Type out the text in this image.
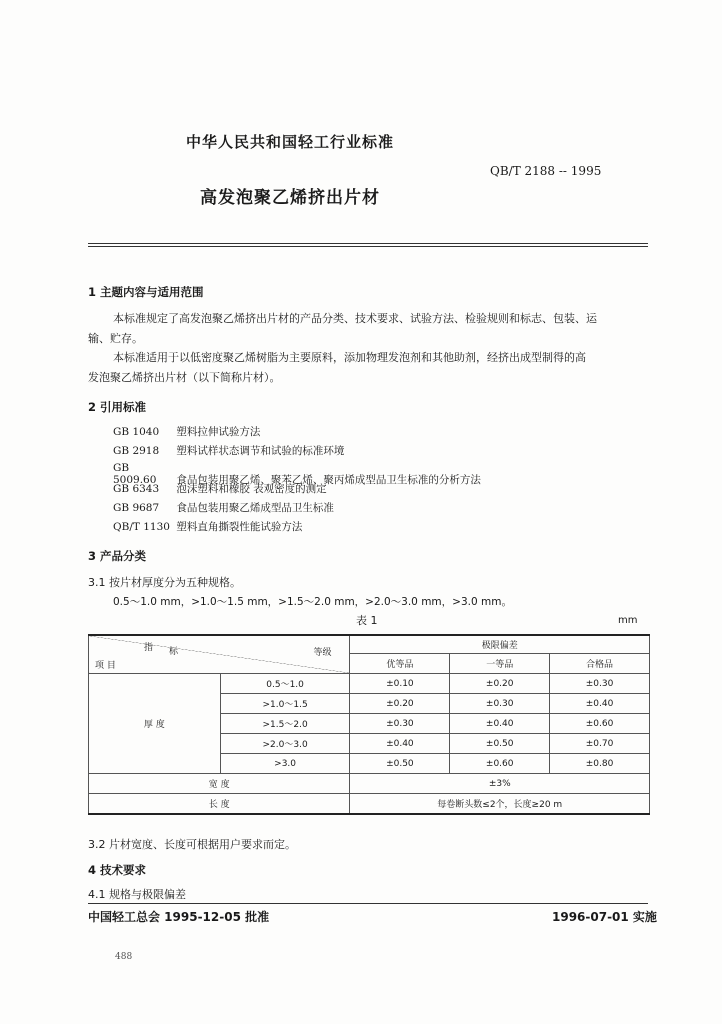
中华人民共和国轻工行业标准
QB/T 2188 -- 1995
高发泡聚乙烯挤出片材
1 主题内容与适用范围
本标准规定了高发泡聚乙烯挤出片材的产品分类、技术要求、试验方法、检验规则和标志、包装、运
输、贮存。
本标准适用于以低密度聚乙烯树脂为主要原料，添加物理发泡剂和其他助剂，经挤出成型制得的高
发泡聚乙烯挤出片材（以下简称片材）。
2 引用标准
GB 1040 塑料拉伸试验方法
GB 2918 塑料试样状态调节和试验的标准环境
GB 5009.60 食品包装用聚乙烯、聚苯乙烯、聚丙烯成型品卫生标准的分析方法
GB 6343 泡沫塑料和橡胶 表观密度的测定
GB 9687 食品包装用聚乙烯成型品卫生标准
QB/T 1130 塑料直角撕裂性能试验方法
3 产品分类
3.1 按片材厚度分为五种规格。
0.5～1.0 mm，>1.0～1.5 mm，>1.5～2.0 mm，>2.0～3.0 mm，>3.0 mm。
表 1	mm
指 标 等级
项 目		极限偏差		
		优等品	一等品	合格品
厚 度	0.5～1.0	±0.10	±0.20	±0.30
	>1.0～1.5	±0.20	±0.30	±0.40
	>1.5～2.0	±0.30	±0.40	±0.60
	>2.0～3.0	±0.40	±0.50	±0.70
	>3.0	±0.50	±0.60	±0.80
宽 度		±3%		
长 度		每卷断头数≤2个，长度≥20 m		
3.2 片材宽度、长度可根据用户要求而定。
4 技术要求
4.1 规格与极限偏差
中国轻工总会 1995-12-05 批准	1996-07-01 实施
488
